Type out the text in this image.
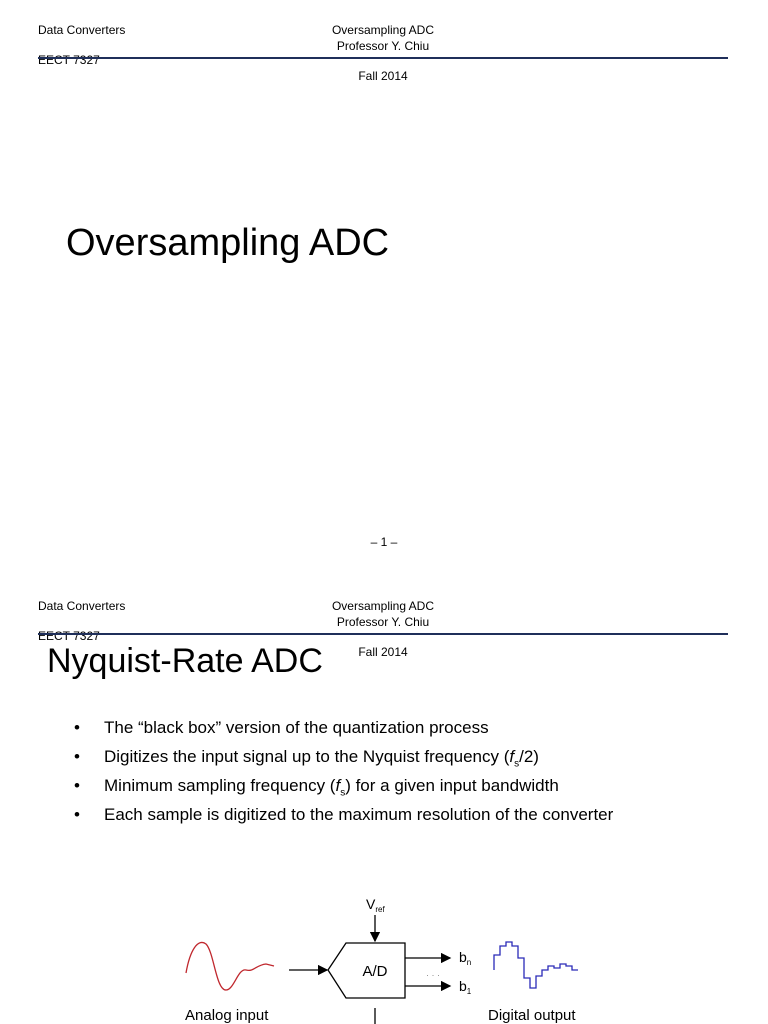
Data Converters	Oversampling ADC
Professor Y. Chiu
EECT 7327
Fall 2014
Oversampling ADC
– 1 –
Data Converters	Oversampling ADC
Professor Y. Chiu
EECT 7327
Fall 2014
Nyquist-Rate ADC
• The “black box” version of the quantization process
• Digitizes the input signal up to the Nyquist frequency $(f_s/2)$
• Minimum sampling frequency $(f_s)$ for a given input bandwidth
• Each sample is digitized to the maximum resolution of the converter
A/D
$V_{ref}$
· · ·
$b_n$
$b_1$
Analog input	Digital output
